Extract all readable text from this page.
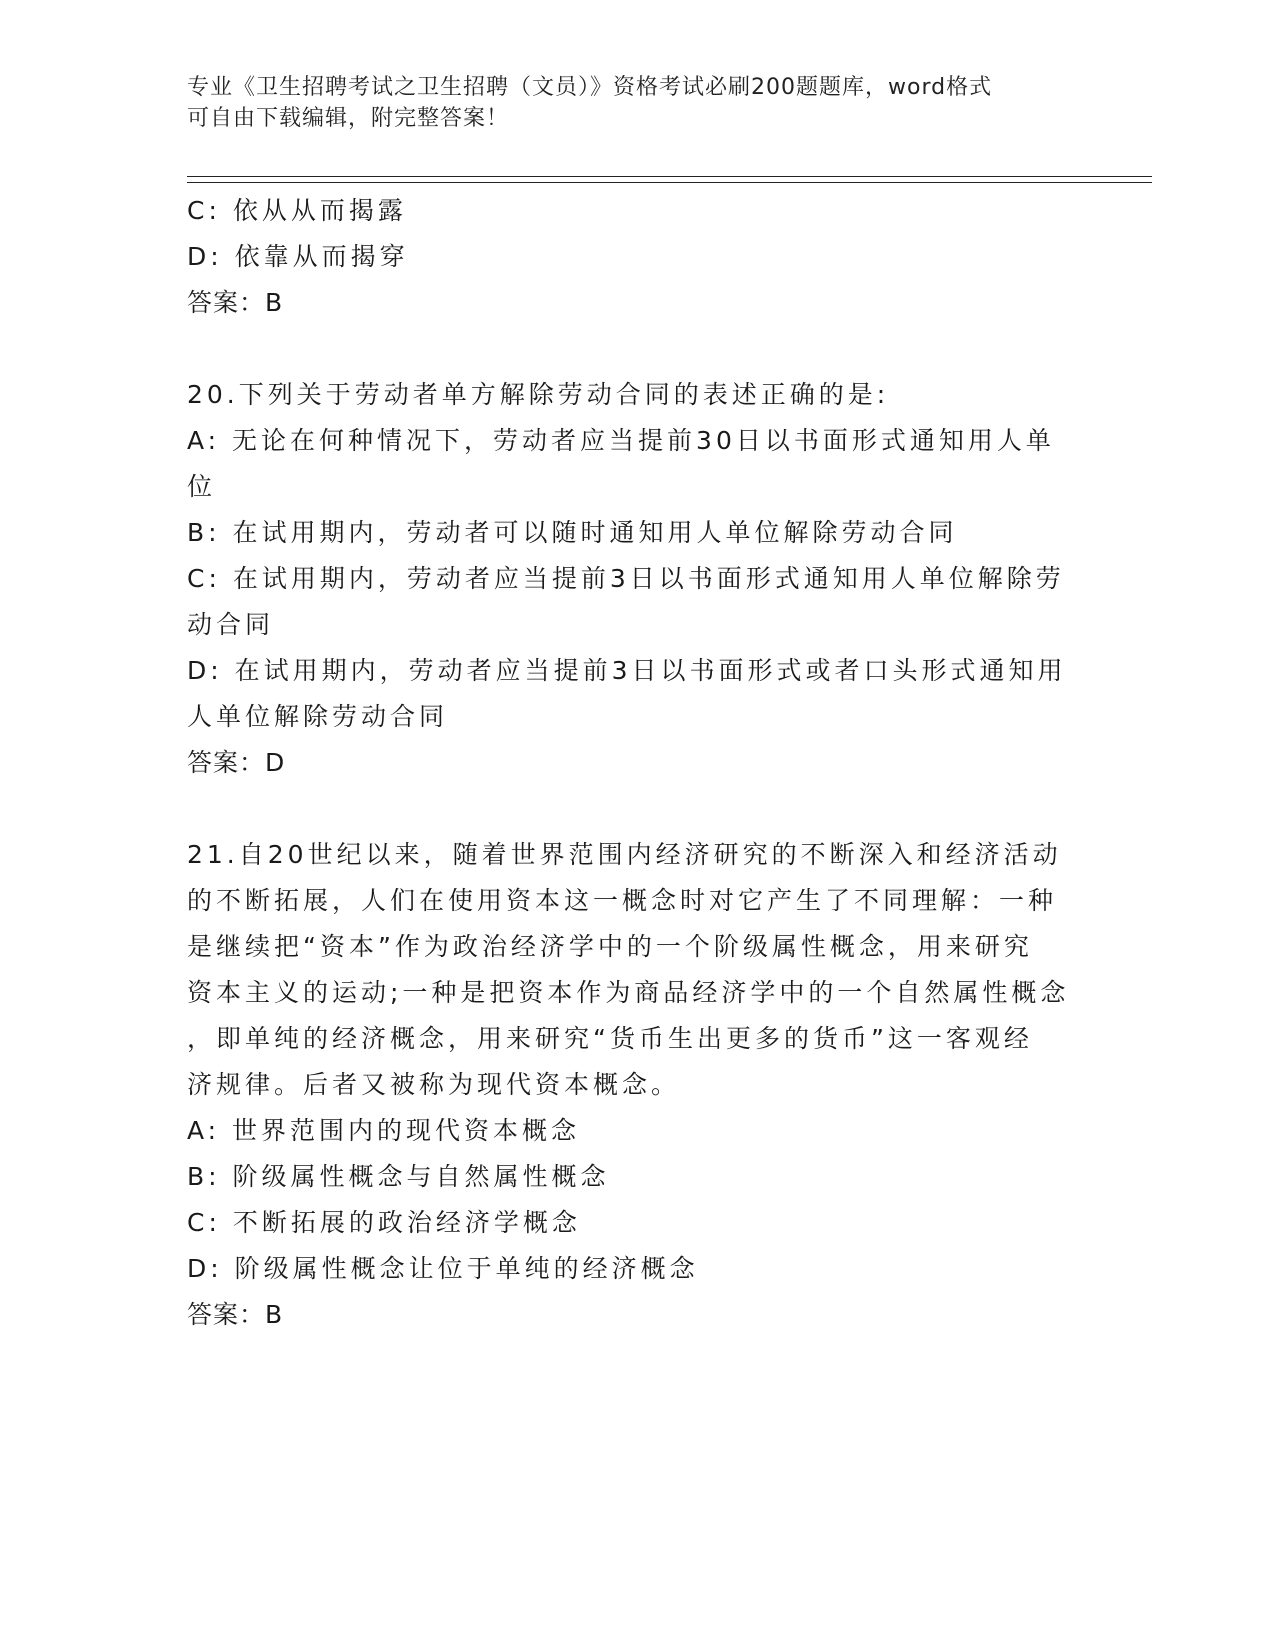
专业《卫生招聘考试之卫生招聘（文员）》资格考试必刷200题题库，word格式
可自由下载编辑，附完整答案！

C: 依从从而揭露

D: 依靠从而揭穿

答案：B

20.下列关于劳动者单方解除劳动合同的表述正确的是:

A: 无论在何种情况下，劳动者应当提前30日以书面形式通知用人单

位

B: 在试用期内，劳动者可以随时通知用人单位解除劳动合同

C: 在试用期内，劳动者应当提前3日以书面形式通知用人单位解除劳

动合同

D: 在试用期内，劳动者应当提前3日以书面形式或者口头形式通知用

人单位解除劳动合同

答案：D

21.自20世纪以来，随着世界范围内经济研究的不断深入和经济活动

的不断拓展，人们在使用资本这一概念时对它产生了不同理解：一种

是继续把“资本”作为政治经济学中的一个阶级属性概念，用来研究

资本主义的运动;一种是把资本作为商品经济学中的一个自然属性概念

，即单纯的经济概念，用来研究“货币生出更多的货币”这一客观经

济规律。后者又被称为现代资本概念。

A: 世界范围内的现代资本概念

B: 阶级属性概念与自然属性概念

C: 不断拓展的政治经济学概念

D: 阶级属性概念让位于单纯的经济概念

答案：B
